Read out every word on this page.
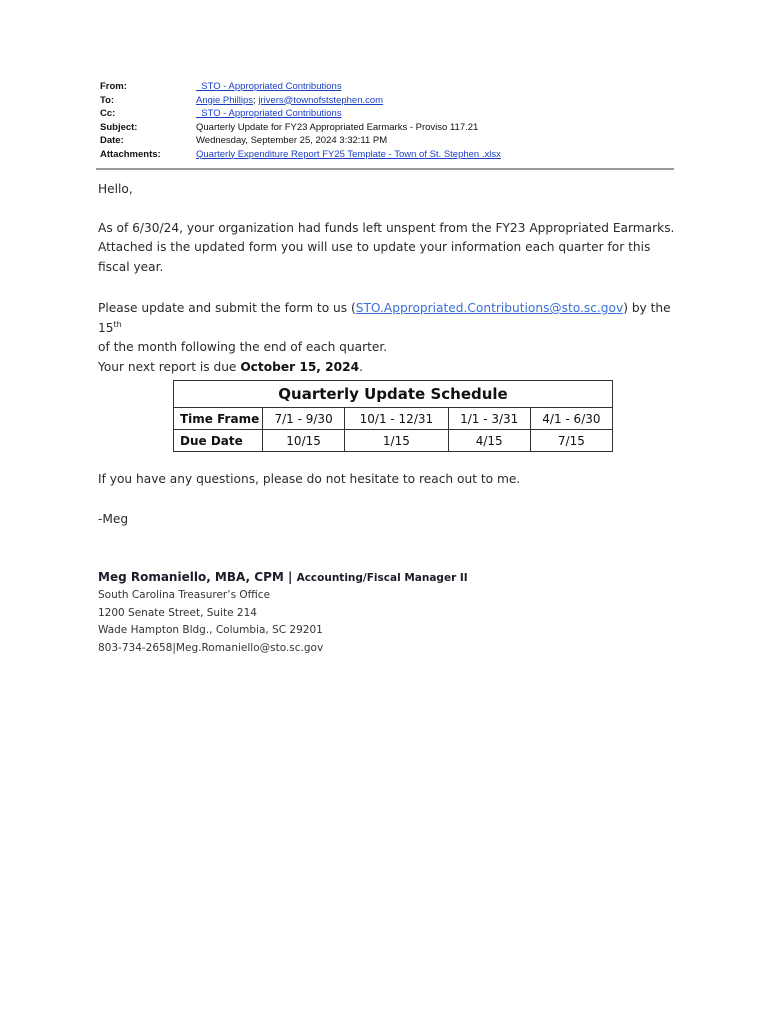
From:	_STO - Appropriated Contributions
To:	Angie Phillips; jrivers@townofststephen.com
Cc:	_STO - Appropriated Contributions
Subject:	Quarterly Update for FY23 Appropriated Earmarks - Proviso 117.21
Date:	Wednesday, September 25, 2024 3:32:11 PM
Attachments:	Quarterly Expenditure Report FY25 Template - Town of St. Stephen .xlsx

Hello,

As of 6/30/24, your organization had funds left unspent from the FY23 Appropriated Earmarks. Attached is the updated form you will use to update your information each quarter for this fiscal year.

Please update and submit the form to us (STO.Appropriated.Contributions@sto.sc.gov) by the 15th
of the month following the end of each quarter.

Your next report is due October 15, 2024.

Quarterly Update Schedule				
Time Frame	7/1 - 9/30	10/1 - 12/31	1/1 - 3/31	4/1 - 6/30
Due Date	10/15	1/15	4/15	7/15

If you have any questions, please do not hesitate to reach out to me.

-Meg

Meg Romaniello, MBA, CPM | Accounting/Fiscal Manager II
South Carolina Treasurer’s Office
1200 Senate Street, Suite 214
Wade Hampton Bldg., Columbia, SC 29201
803-734-2658|Meg.Romaniello@sto.sc.gov
